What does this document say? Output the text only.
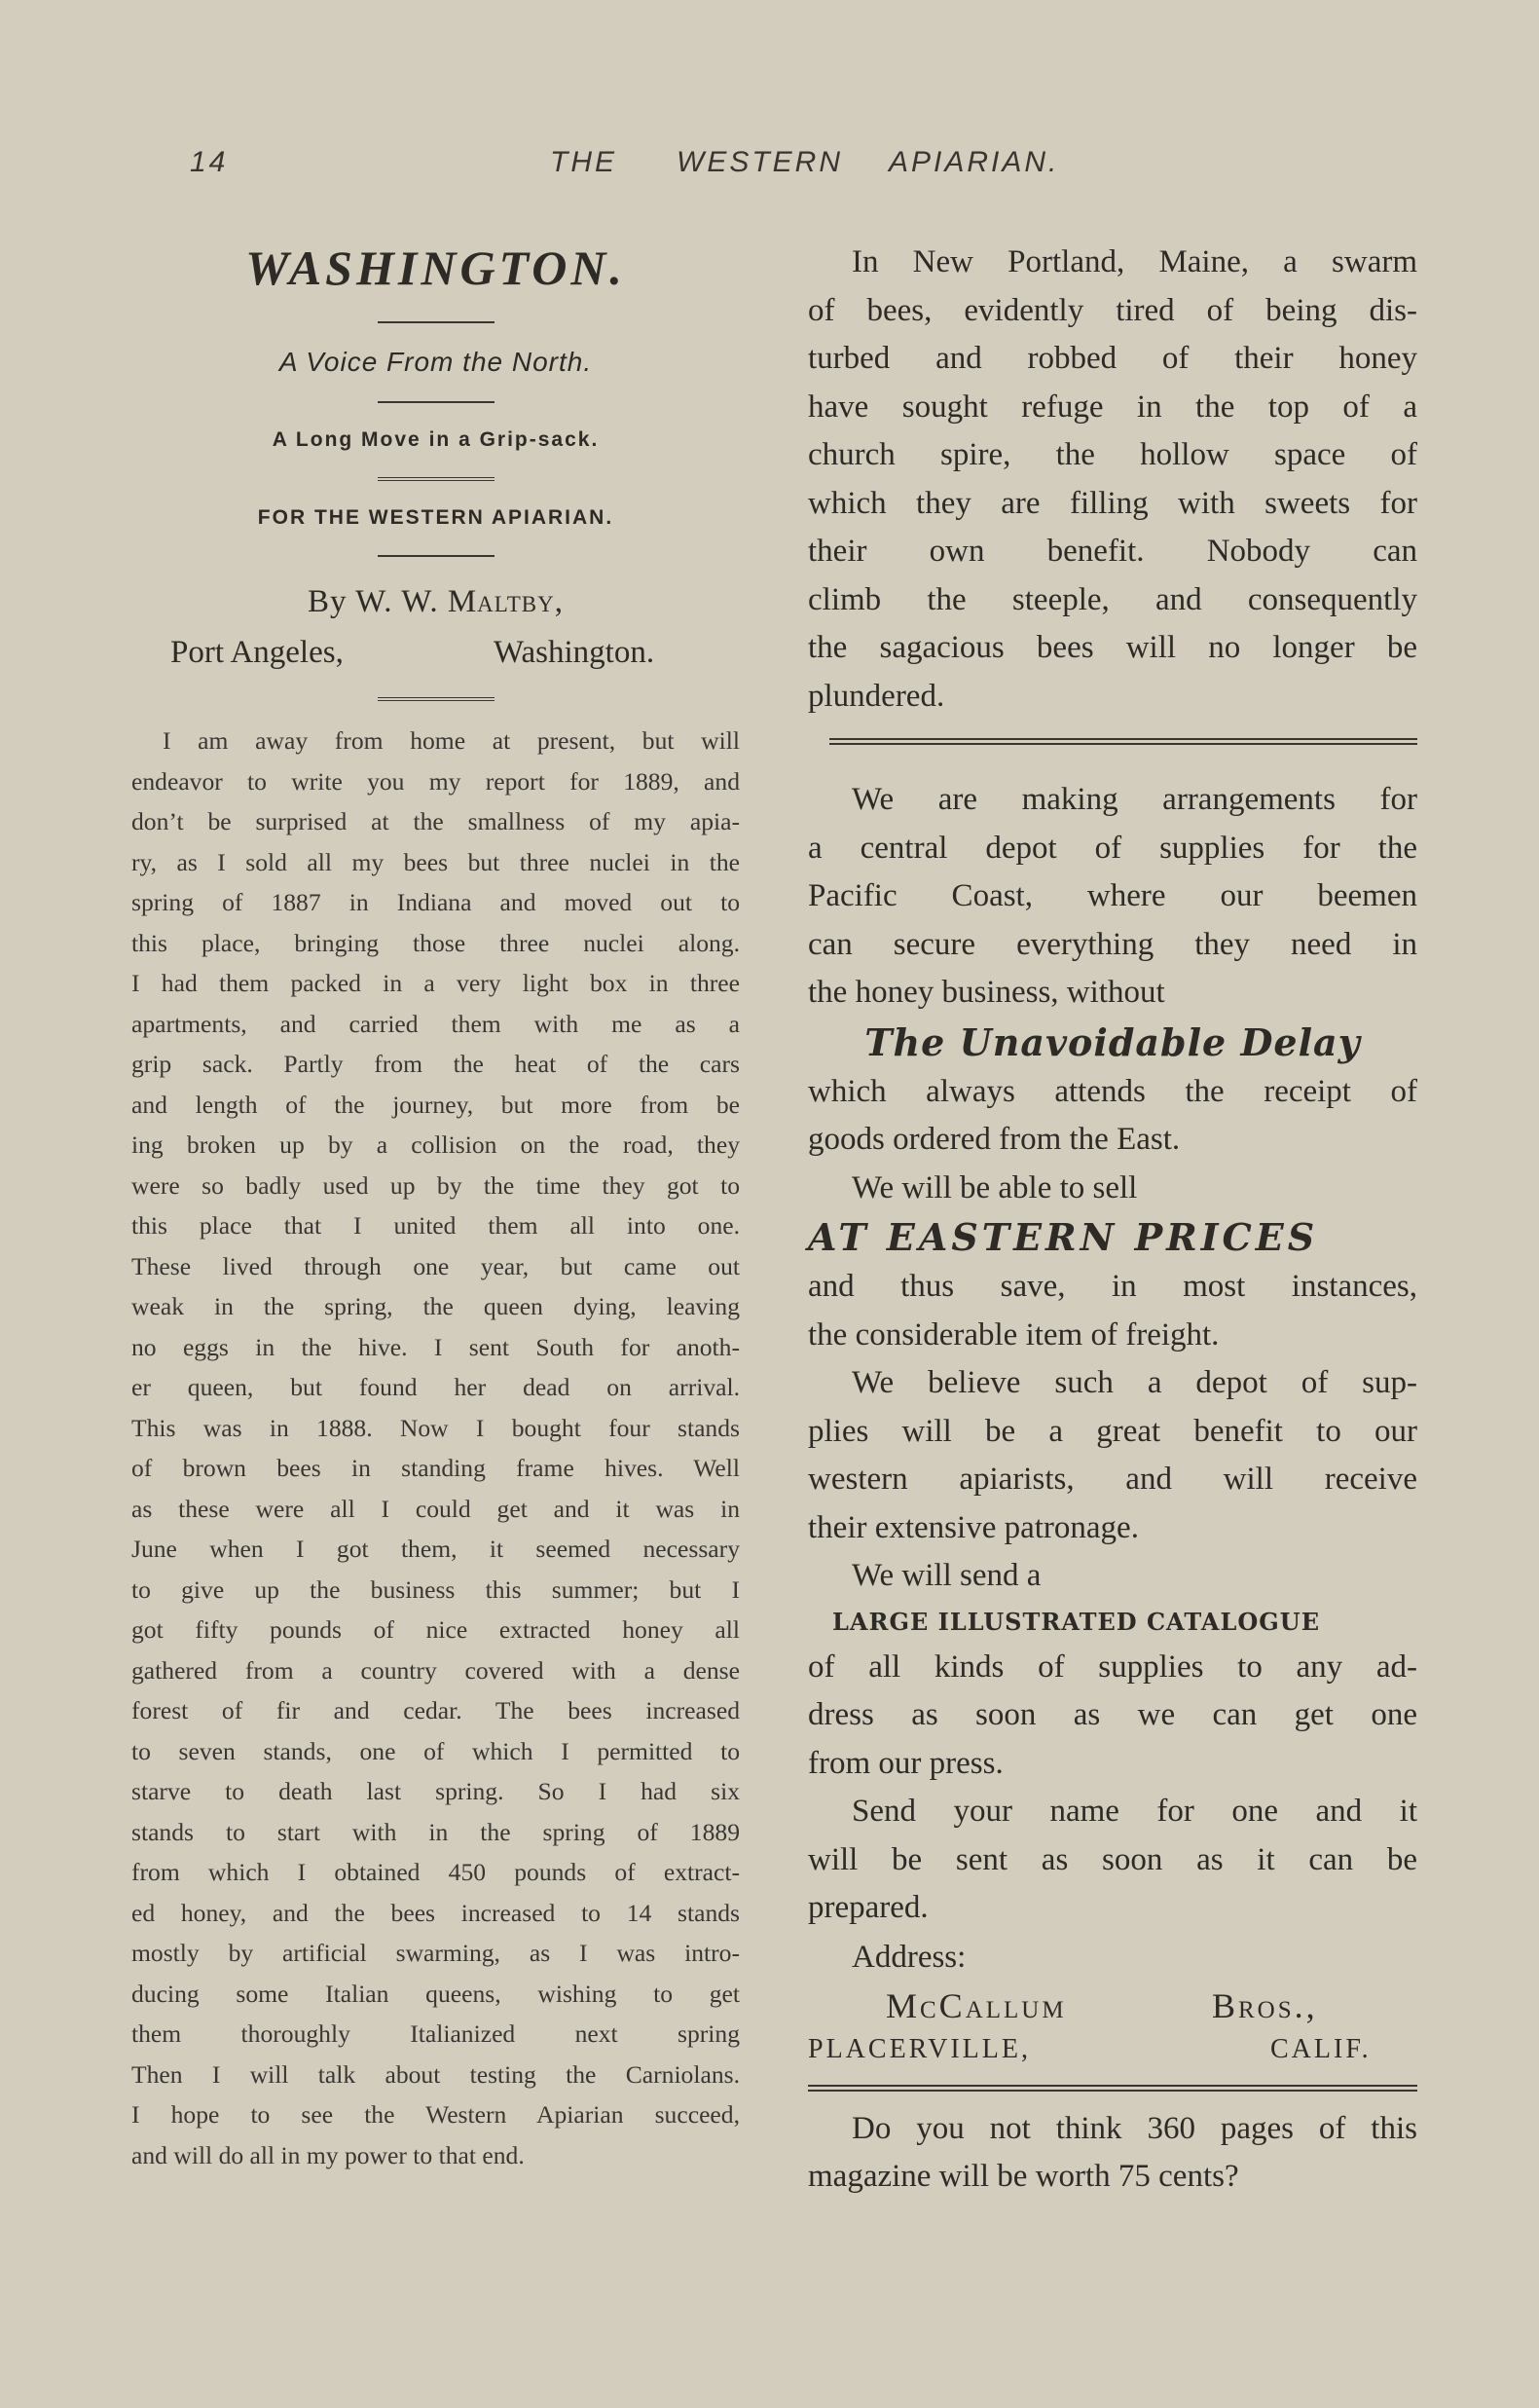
14	THE WESTERN APIARIAN.
WASHINGTON.
A Voice From the North.
A Long Move in a Grip-sack.
FOR THE WESTERN APIARIAN.
By W. W. Maltby,
Port Angeles,	Washington.
I am away from home at present, but will
endeavor to write you my report for 1889, and
don’t be surprised at the smallness of my apia-
ry, as I sold all my bees but three nuclei in the
spring of 1887 in Indiana and moved out to
this place, bringing those three nuclei along.
I had them packed in a very light box in three
apartments, and carried them with me as a
grip sack. Partly from the heat of the cars
and length of the journey, but more from be
ing broken up by a collision on the road, they
were so badly used up by the time they got to
this place that I united them all into one.
These lived through one year, but came out
weak in the spring, the queen dying, leaving
no eggs in the hive. I sent South for anoth-
er queen, but found her dead on arrival.
This was in 1888. Now I bought four stands
of brown bees in standing frame hives. Well
as these were all I could get and it was in
June when I got them, it seemed necessary
to give up the business this summer; but I
got fifty pounds of nice extracted honey all
gathered from a country covered with a dense
forest of fir and cedar. The bees increased
to seven stands, one of which I permitted to
starve to death last spring. So I had six
stands to start with in the spring of 1889
from which I obtained 450 pounds of extract-
ed honey, and the bees increased to 14 stands
mostly by artificial swarming, as I was intro-
ducing some Italian queens, wishing to get
them thoroughly Italianized next spring
Then I will talk about testing the Carniolans.
I hope to see the Western Apiarian succeed,
and will do all in my power to that end.
In New Portland, Maine, a swarm
of bees, evidently tired of being dis-
turbed and robbed of their honey
have sought refuge in the top of a
church spire, the hollow space of
which they are filling with sweets for
their own benefit. Nobody can
climb the steeple, and consequently
the sagacious bees will no longer be
plundered.
We are making arrangements for
a central depot of supplies for the
Pacific Coast, where our beemen
can secure everything they need in
the honey business, without
The Unavoidable Delay
which always attends the receipt of
goods ordered from the East.
We will be able to sell
AT EASTERN PRICES
and thus save, in most instances,
the considerable item of freight.
We believe such a depot of sup-
plies will be a great benefit to our
western apiarists, and will receive
their extensive patronage.
We will send a
LARGE ILLUSTRATED CATALOGUE
of all kinds of supplies to any ad-
dress as soon as we can get one
from our press.
Send your name for one and it
will be sent as soon as it can be
prepared.
Address:
McCallum	Bros.,
PLACERVILLE,	CALIF.
Do you not think 360 pages of this
magazine will be worth 75 cents?
